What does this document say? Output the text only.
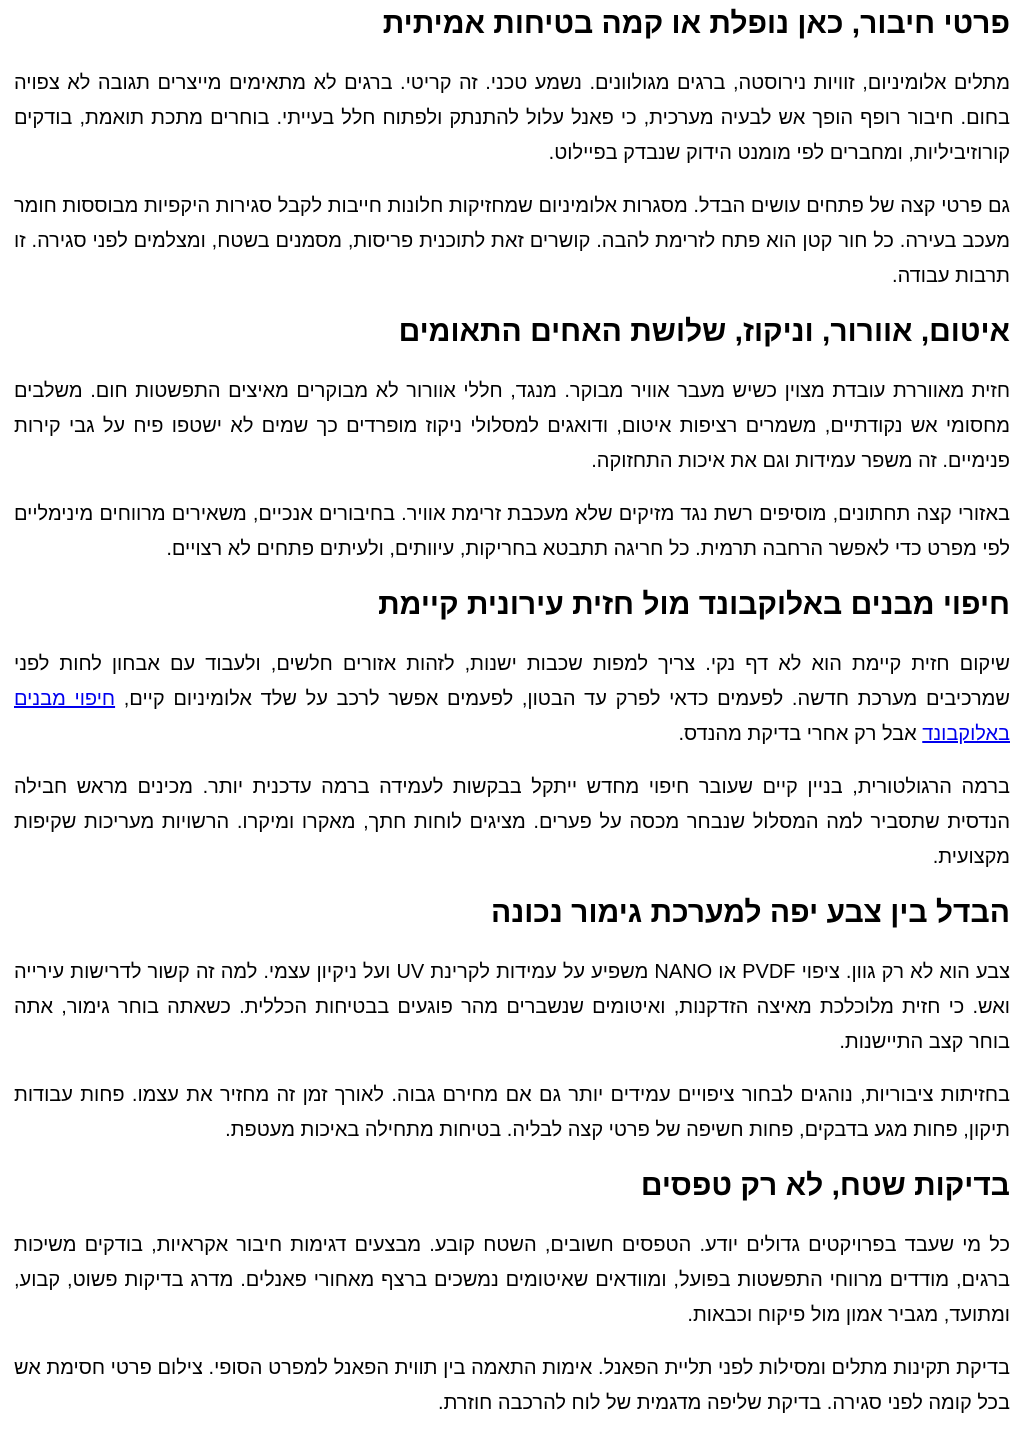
פרטי חיבור, כאן נופלת או קמה בטיחות אמיתית

מתלים אלומיניום, זוויות נירוסטה, ברגים מגולוונים. נשמע טכני. זה קריטי. ברגים לא מתאימים מייצרים תגובה לא צפויה בחום. חיבור רופף הופך אש לבעיה מערכית, כי פאנל עלול להתנתק ולפתוח חלל בעייתי. בוחרים מתכת תואמת, בודקים קורוזיביליות, ומחברים לפי מומנט הידוק שנבדק בפיילוט.

גם פרטי קצה של פתחים עושים הבדל. מסגרות אלומיניום שמחזיקות חלונות חייבות לקבל סגירות היקפיות מבוססות חומר מעכב בעירה. כל חור קטן הוא פתח לזרימת להבה. קושרים זאת לתוכנית פריסות, מסמנים בשטח, ומצלמים לפני סגירה. זו תרבות עבודה.

איטום, אוורור, וניקוז, שלושת האחים התאומים

חזית מאווררת עובדת מצוין כשיש מעבר אוויר מבוקר. מנגד, חללי אוורור לא מבוקרים מאיצים התפשטות חום. משלבים מחסומי אש נקודתיים, משמרים רציפות איטום, ודואגים למסלולי ניקוז מופרדים כך שמים לא ישטפו פיח על גבי קירות פנימיים. זה משפר עמידות וגם את איכות התחזוקה.

באזורי קצה תחתונים, מוסיפים רשת נגד מזיקים שלא מעכבת זרימת אוויר. בחיבורים אנכיים, משאירים מרווחים מינימליים לפי מפרט כדי לאפשר הרחבה תרמית. כל חריגה תתבטא בחריקות, עיוותים, ולעיתים פתחים לא רצויים.

חיפוי מבנים באלוקבונד מול חזית עירונית קיימת

שיקום חזית קיימת הוא לא דף נקי. צריך למפות שכבות ישנות, לזהות אזורים חלשים, ולעבוד עם אבחון לחות לפני שמרכיבים מערכת חדשה. לפעמים כדאי לפרק עד הבטון, לפעמים אפשר לרכב על שלד אלומיניום קיים, חיפוי מבנים באלוקבונד אבל רק אחרי בדיקת מהנדס.

ברמה הרגולטורית, בניין קיים שעובר חיפוי מחדש ייתקל בבקשות לעמידה ברמה עדכנית יותר. מכינים מראש חבילה הנדסית שתסביר למה המסלול שנבחר מכסה על פערים. מציגים לוחות חתך, מאקרו ומיקרו. הרשויות מעריכות שקיפות מקצועית.

הבדל בין צבע יפה למערכת גימור נכונה

צבע הוא לא רק גוון. ציפוי PVDF או NANO משפיע על עמידות לקרינת UV ועל ניקיון עצמי. למה זה קשור לדרישות עירייה ואש. כי חזית מלוכלכת מאיצה הזדקנות, ואיטומים שנשברים מהר פוגעים בבטיחות הכללית. כשאתה בוחר גימור, אתה בוחר קצב התיישנות.

בחזיתות ציבוריות, נוהגים לבחור ציפויים עמידים יותר גם אם מחירם גבוה. לאורך זמן זה מחזיר את עצמו. פחות עבודות תיקון, פחות מגע בדבקים, פחות חשיפה של פרטי קצה לבליה. בטיחות מתחילה באיכות מעטפת.

בדיקות שטח, לא רק טפסים

כל מי שעבד בפרויקטים גדולים יודע. הטפסים חשובים, השטח קובע. מבצעים דגימות חיבור אקראיות, בודקים משיכות ברגים, מודדים מרווחי התפשטות בפועל, ומוודאים שאיטומים נמשכים ברצף מאחורי פאנלים. מדרג בדיקות פשוט, קבוע, ומתועד, מגביר אמון מול פיקוח וכבאות.

בדיקת תקינות מתלים ומסילות לפני תליית הפאנל. אימות התאמה בין תווית הפאנל למפרט הסופי. צילום פרטי חסימת אש בכל קומה לפני סגירה. בדיקת שליפה מדגמית של לוח להרכבה חוזרת.
